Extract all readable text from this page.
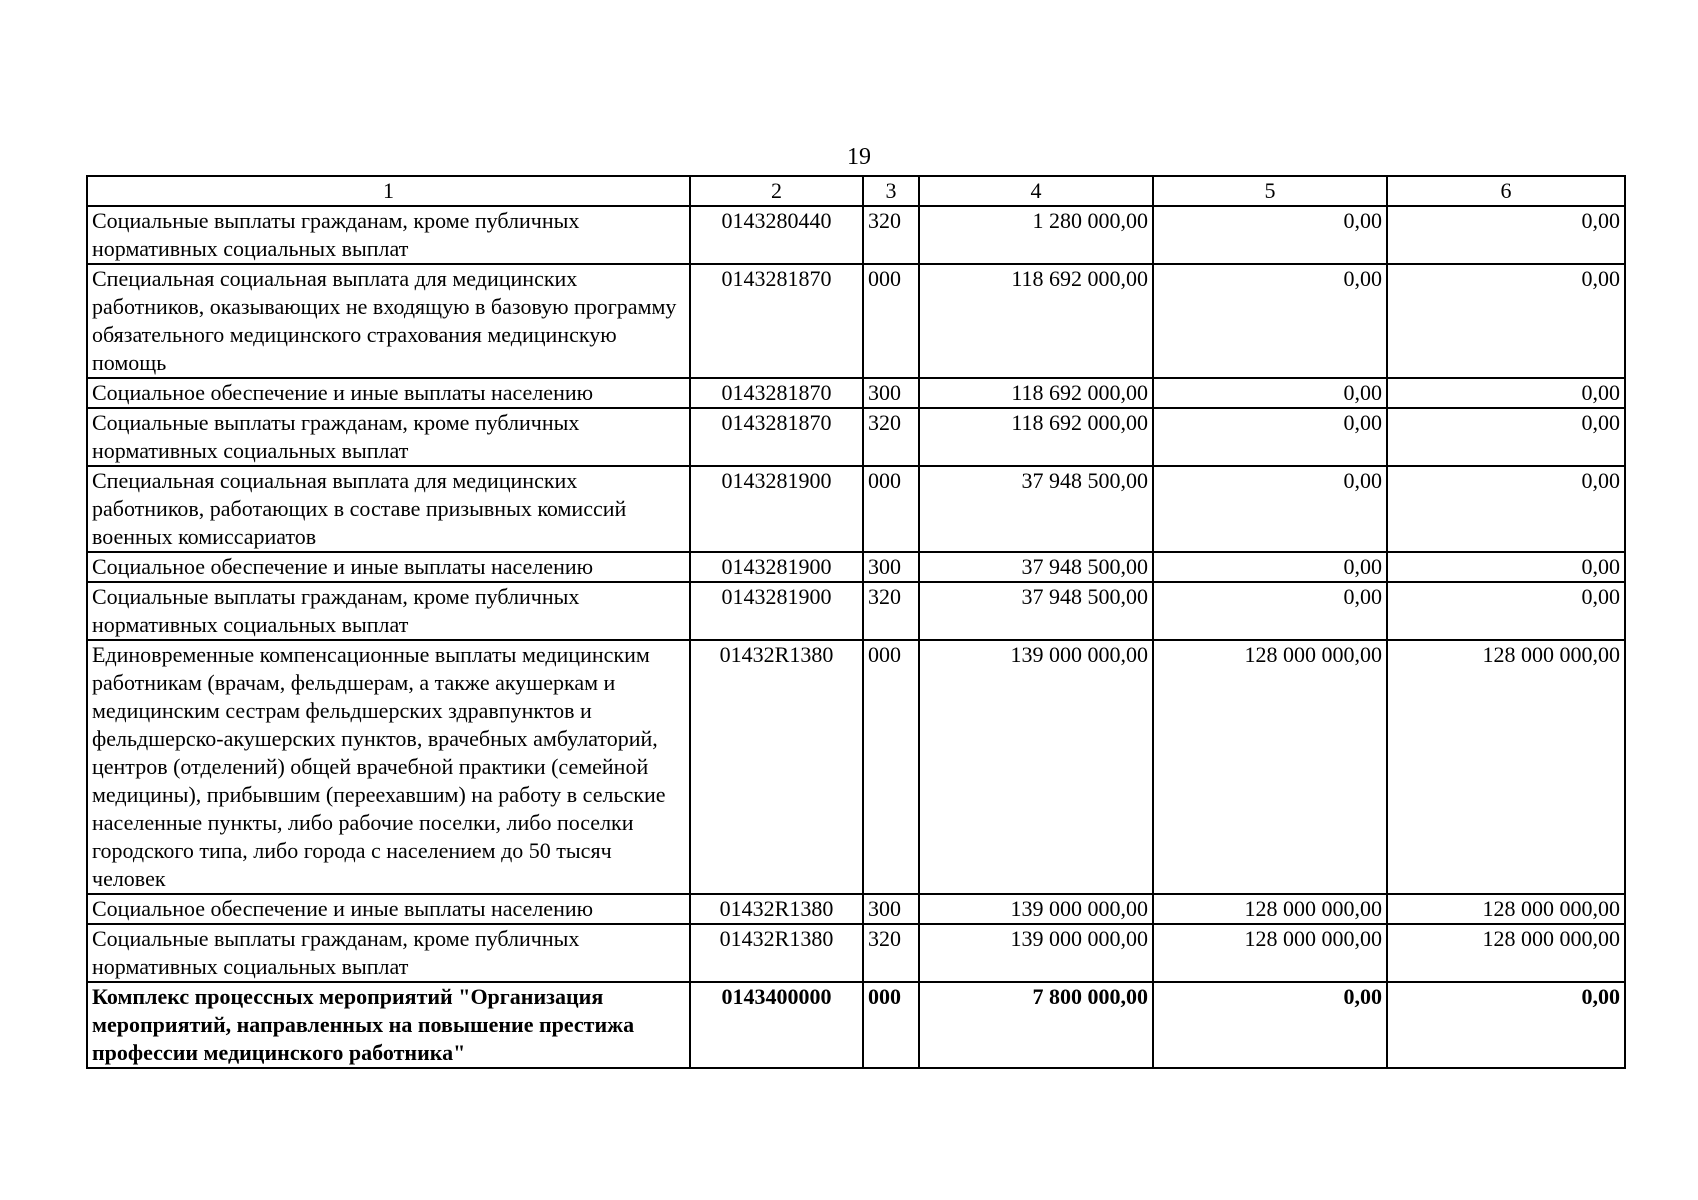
19
1	2	3	4	5	6
Социальные выплаты гражданам, кроме публичных нормативных социальных выплат	0143280440	320	1 280 000,00	0,00	0,00
Специальная социальная выплата для медицинских работников, оказывающих не входящую в базовую программу обязательного медицинского страхования медицинскую помощь	0143281870	000	118 692 000,00	0,00	0,00
Социальное обеспечение и иные выплаты населению	0143281870	300	118 692 000,00	0,00	0,00
Социальные выплаты гражданам, кроме публичных нормативных социальных выплат	0143281870	320	118 692 000,00	0,00	0,00
Специальная социальная выплата для медицинских работников, работающих в составе призывных комиссий военных комиссариатов	0143281900	000	37 948 500,00	0,00	0,00
Социальное обеспечение и иные выплаты населению	0143281900	300	37 948 500,00	0,00	0,00
Социальные выплаты гражданам, кроме публичных нормативных социальных выплат	0143281900	320	37 948 500,00	0,00	0,00
Единовременные компенсационные выплаты медицинским работникам (врачам, фельдшерам, а также акушеркам и медицинским сестрам фельдшерских здравпунктов и фельдшерско-акушерских пунктов, врачебных амбулаторий, центров (отделений) общей врачебной практики (семейной медицины), прибывшим (переехавшим) на работу в сельские населенные пункты, либо рабочие поселки, либо поселки городского типа, либо города с населением до 50 тысяч человек	01432R1380	000	139 000 000,00	128 000 000,00	128 000 000,00
Социальное обеспечение и иные выплаты населению	01432R1380	300	139 000 000,00	128 000 000,00	128 000 000,00
Социальные выплаты гражданам, кроме публичных нормативных социальных выплат	01432R1380	320	139 000 000,00	128 000 000,00	128 000 000,00
Комплекс процессных мероприятий "Организация мероприятий, направленных на повышение престижа профессии медицинского работника"	0143400000	000	7 800 000,00	0,00	0,00
